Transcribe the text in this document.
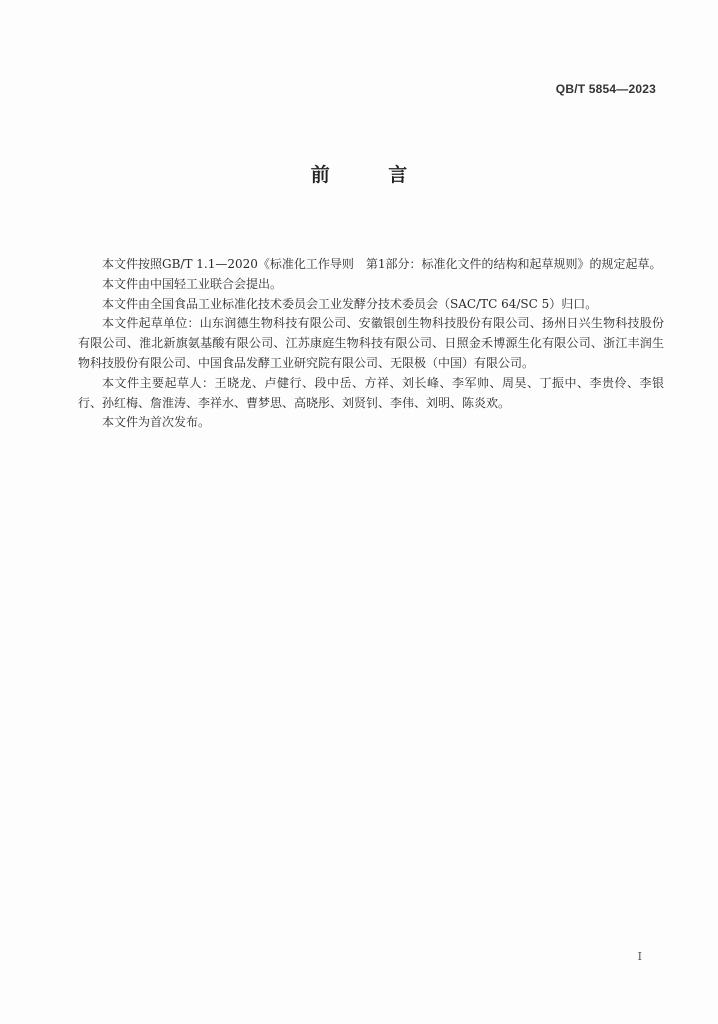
QB/T 5854—2023
前 言

本文件按照GB/T 1.1—2020《标准化工作导则　第1部分：标准化文件的结构和起草规则》的规定起草。

本文件由中国轻工业联合会提出。

本文件由全国食品工业标准化技术委员会工业发酵分技术委员会（SAC/TC 64/SC 5）归口。

本文件起草单位：山东润德生物科技有限公司、安徽银创生物科技股份有限公司、扬州日兴生物科技股份有限公司、淮北新旗氨基酸有限公司、江苏康庭生物科技有限公司、日照金禾博源生化有限公司、浙江丰润生物科技股份有限公司、中国食品发酵工业研究院有限公司、无限极（中国）有限公司。

本文件主要起草人：王晓龙、卢健行、段中岳、方祥、刘长峰、李军帅、周昊、丁振中、李贵伶、李银行、孙红梅、詹淮涛、李祥水、曹梦思、高晓彤、刘贤钊、李伟、刘明、陈炎欢。

本文件为首次发布。

I
